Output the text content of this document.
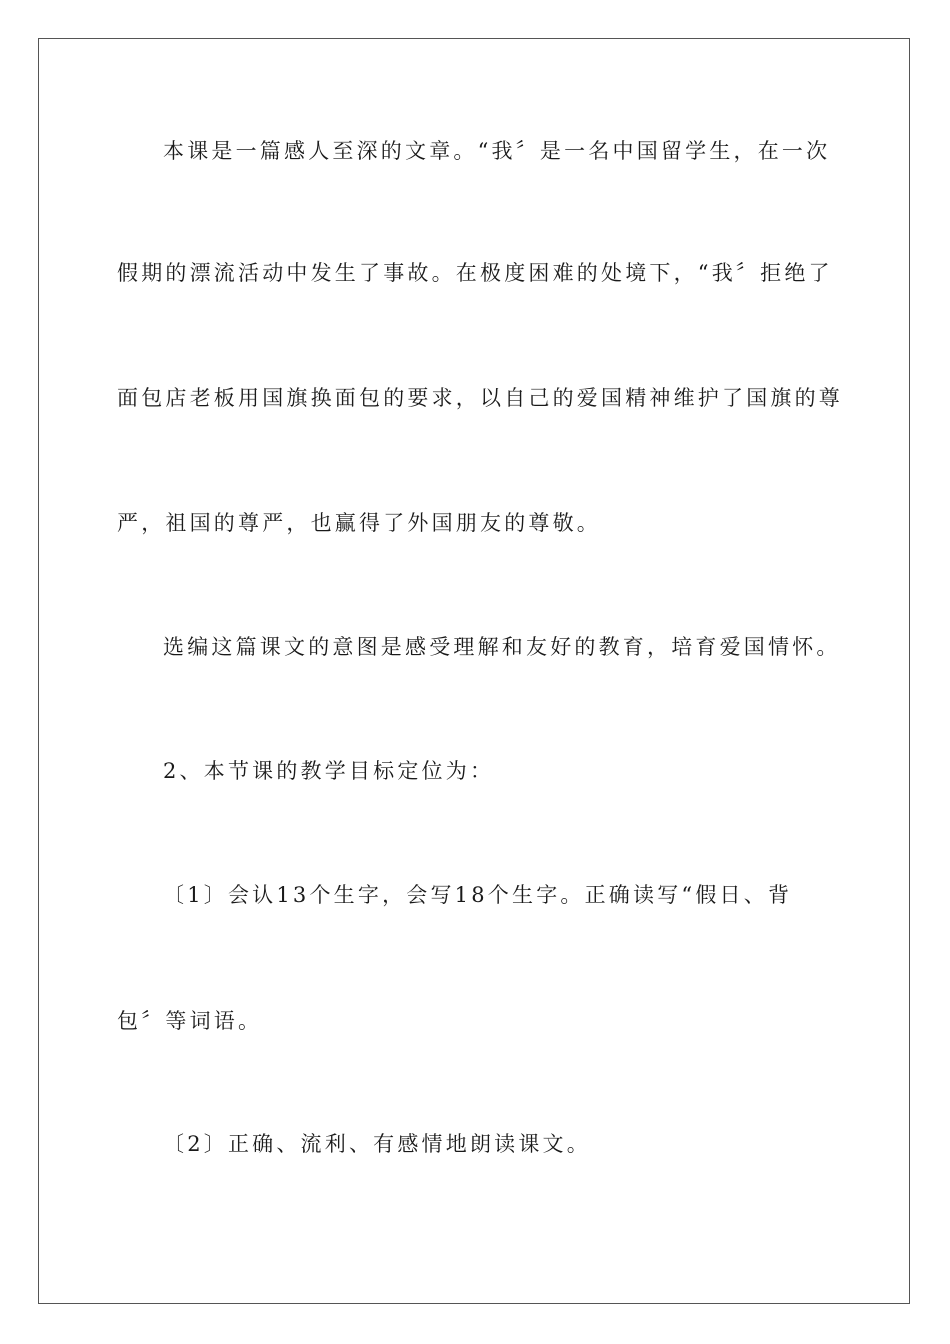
本课是一篇感人至深的文章。“我〞是一名中国留学生，在一次
假期的漂流活动中发生了事故。在极度困难的处境下，“我〞拒绝了
面包店老板用国旗换面包的要求，以自己的爱国精神维护了国旗的尊
严，祖国的尊严，也赢得了外国朋友的尊敬。
选编这篇课文的意图是感受理解和友好的教育，培育爱国情怀。
2、本节课的教学目标定位为：
〔1〕会认13个生字，会写18个生字。正确读写“假日、背
包〞等词语。
〔2〕正确、流利、有感情地朗读课文。
